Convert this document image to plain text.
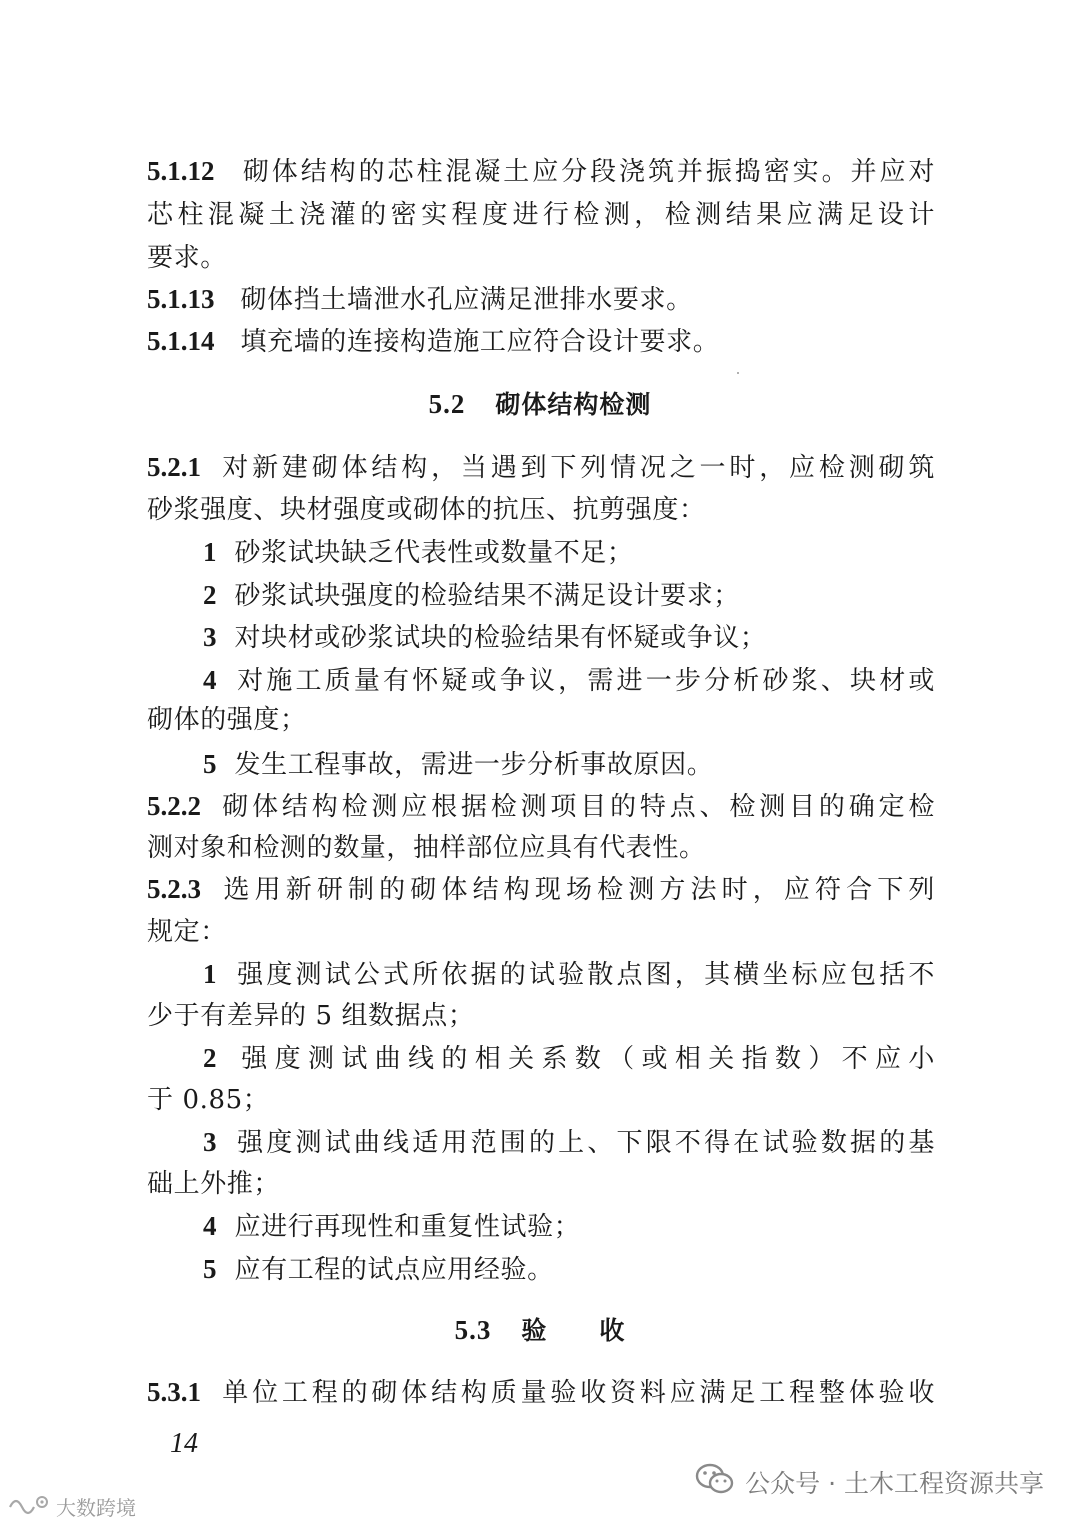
5.1.12 砌体结构的芯柱混凝土应分段浇筑并振捣密实。并应对
芯柱混凝土浇灌的密实程度进行检测，检测结果应满足设计
要求。
5.1.13 砌体挡土墙泄水孔应满足泄排水要求。
5.1.14 填充墙的连接构造施工应符合设计要求。
5.2 砌体结构检测
5.2.1 对新建砌体结构，当遇到下列情况之一时，应检测砌筑
砂浆强度、块材强度或砌体的抗压、抗剪强度：
1 砂浆试块缺乏代表性或数量不足；
2 砂浆试块强度的检验结果不满足设计要求；
3 对块材或砂浆试块的检验结果有怀疑或争议；
4 对施工质量有怀疑或争议，需进一步分析砂浆、块材或
砌体的强度；
5 发生工程事故，需进一步分析事故原因。
5.2.2 砌体结构检测应根据检测项目的特点、检测目的确定检
测对象和检测的数量，抽样部位应具有代表性。
5.2.3 选用新研制的砌体结构现场检测方法时，应符合下列
规定：
1 强度测试公式所依据的试验散点图，其横坐标应包括不
少于有差异的 5 组数据点；
2 强度测试曲线的相关系数（或相关指数）不应小
于 0.85；
3 强度测试曲线适用范围的上、下限不得在试验数据的基
础上外推；
4 应进行再现性和重复性试验；
5 应有工程的试点应用经验。
5.3 验　　收
5.3.1 单位工程的砌体结构质量验收资料应满足工程整体验收
14
公众号 · 土木工程资源共享
大数跨境
